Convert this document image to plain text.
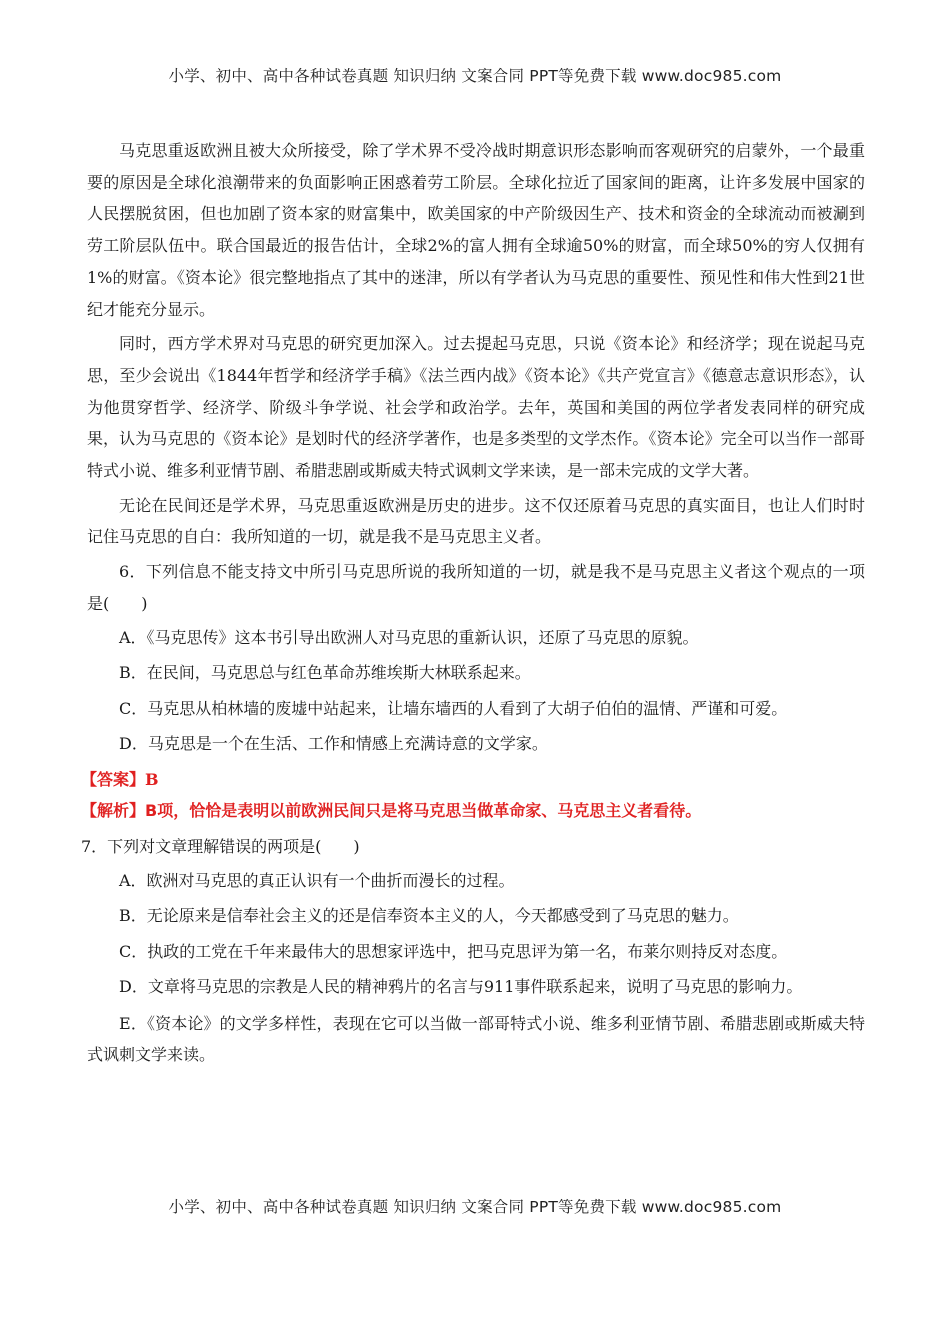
小学、初中、高中各种试卷真题 知识归纳 文案合同 PPT等免费下载 www.doc985.com

马克思重返欧洲且被大众所接受，除了学术界不受冷战时期意识形态影响而客观研究的启蒙外，一个最重要的原因是全球化浪潮带来的负面影响正困惑着劳工阶层。全球化拉近了国家间的距离，让许多发展中国家的人民摆脱贫困，但也加剧了资本家的财富集中，欧美国家的中产阶级因生产、技术和资金的全球流动而被涮到劳工阶层队伍中。联合国最近的报告估计，全球2%的富人拥有全球逾50%的财富，而全球50%的穷人仅拥有1%的财富。《资本论》很完整地指点了其中的迷津，所以有学者认为马克思的重要性、预见性和伟大性到21世纪才能充分显示。

同时，西方学术界对马克思的研究更加深入。过去提起马克思，只说《资本论》和经济学；现在说起马克思，至少会说出《1844年哲学和经济学手稿》《法兰西内战》《资本论》《共产党宣言》《德意志意识形态》，认为他贯穿哲学、经济学、阶级斗争学说、社会学和政治学。去年，英国和美国的两位学者发表同样的研究成果，认为马克思的《资本论》是划时代的经济学著作，也是多类型的文学杰作。《资本论》完全可以当作一部哥特式小说、维多利亚情节剧、希腊悲剧或斯威夫特式讽刺文学来读，是一部未完成的文学大著。

无论在民间还是学术界，马克思重返欧洲是历史的进步。这不仅还原着马克思的真实面目，也让人们时时记住马克思的自白：我所知道的一切，就是我不是马克思主义者。

6．下列信息不能支持文中所引马克思所说的我所知道的一切，就是我不是马克思主义者这个观点的一项是(　　)

A．《马克思传》这本书引导出欧洲人对马克思的重新认识，还原了马克思的原貌。

B．在民间，马克思总与红色革命苏维埃斯大林联系起来。

C．马克思从柏林墙的废墟中站起来，让墙东墙西的人看到了大胡子伯伯的温情、严谨和可爱。

D．马克思是一个在生活、工作和情感上充满诗意的文学家。

【答案】B

【解析】B项，恰恰是表明以前欧洲民间只是将马克思当做革命家、马克思主义者看待。

7．下列对文章理解错误的两项是(　　)

A．欧洲对马克思的真正认识有一个曲折而漫长的过程。

B．无论原来是信奉社会主义的还是信奉资本主义的人，今天都感受到了马克思的魅力。

C．执政的工党在千年来最伟大的思想家评选中，把马克思评为第一名，布莱尔则持反对态度。

D．文章将马克思的宗教是人民的精神鸦片的名言与911事件联系起来，说明了马克思的影响力。

E．《资本论》的文学多样性，表现在它可以当做一部哥特式小说、维多利亚情节剧、希腊悲剧或斯威夫特式讽刺文学来读。

小学、初中、高中各种试卷真题 知识归纳 文案合同 PPT等免费下载 www.doc985.com
